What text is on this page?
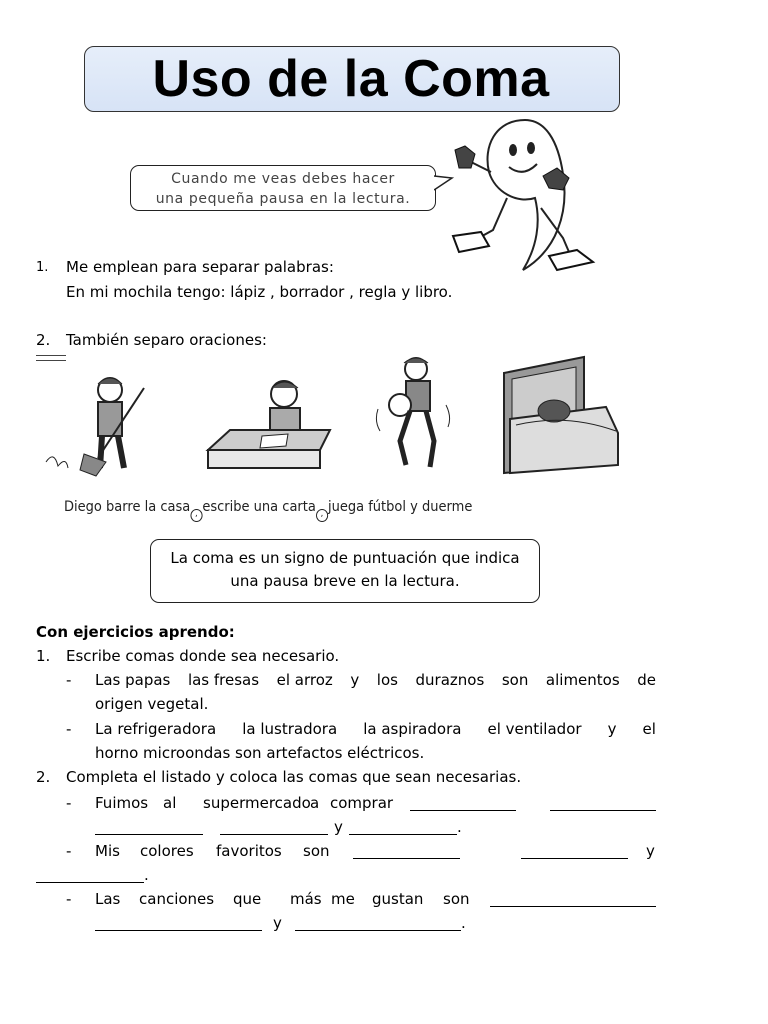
Uso de la Coma
Cuando me veas debes hacer
una pequeña pausa en la lectura.
1. Me emplean para separar palabras:
En mi mochila tengo: lápiz , borrador , regla y libro.
2. También separo oraciones:
Diego barre la casa , escribe una carta , juega fútbol y duerme
La coma es un signo de puntuación que indica
una pausa breve en la lectura.
Con ejercicios aprendo:
1. Escribe comas donde sea necesario.
- Las papas las fresas el arroz y los duraznos son alimentos de
origen vegetal.
- La refrigeradora la lustradora la aspiradora el ventilador y el
horno microondas son artefactos eléctricos.
2. Completa el listado y coloca las comas que sean necesarias.
- Fuimos al supermercado a comprar
y	.
- Mis colores favoritos son	y
.
- Las canciones que más me gustan son
y	.
